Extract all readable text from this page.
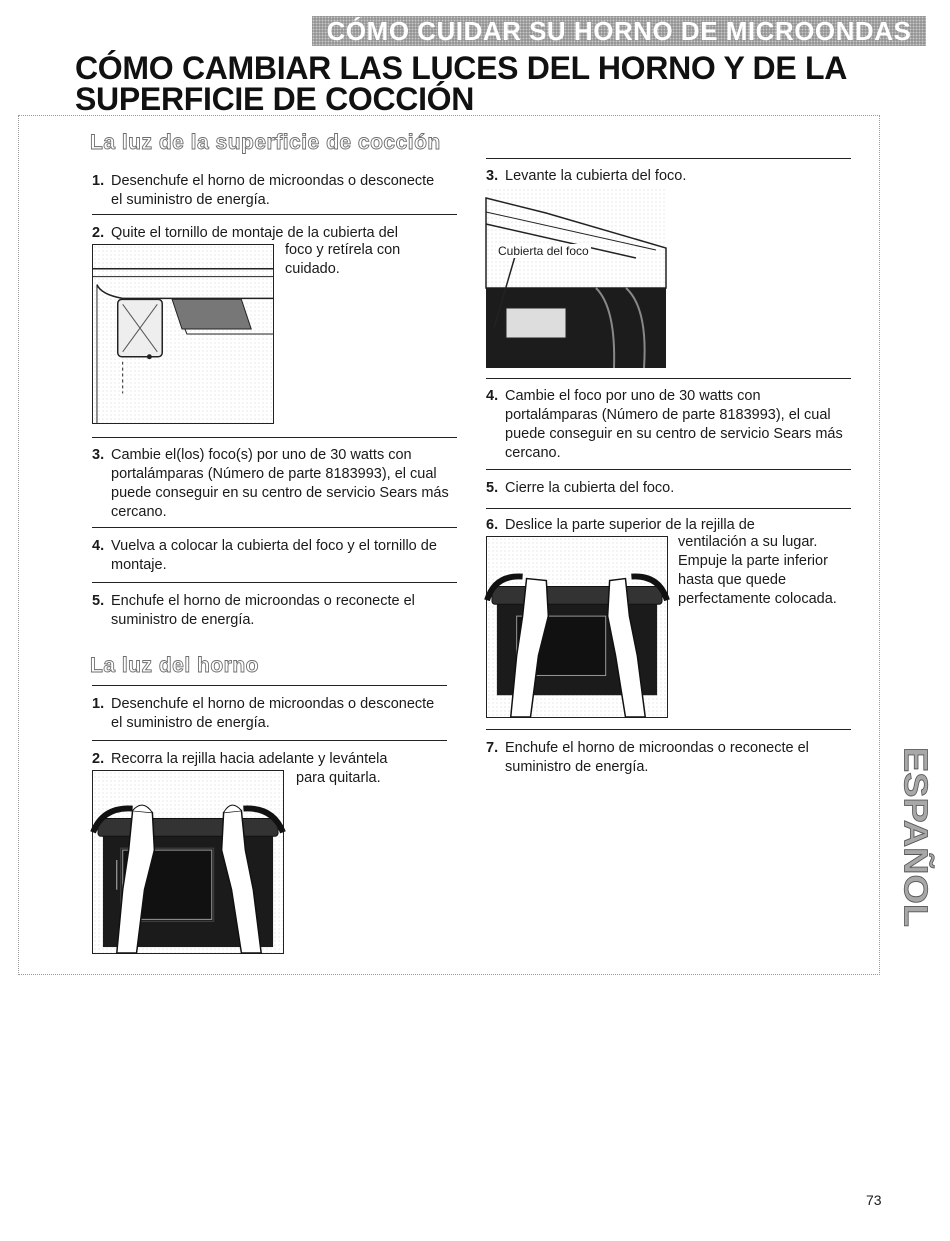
CÓMO CUIDAR SU HORNO DE MICROONDAS
CÓMO CAMBIAR LAS LUCES DEL HORNO Y DE LA
SUPERFICIE DE COCCIÓN
La luz de la superficie de cocción
1. Desenchufe el horno de microondas o desconecte el suministro de energía.
2. Quite el tornillo de montaje de la cubierta del
foco y retírela con cuidado.
3. Cambie el(los) foco(s) por uno de 30 watts con portalámparas (Número de parte 8183993), el cual puede conseguir en su centro de servicio Sears más cercano.
4. Vuelva a colocar la cubierta del foco y el tornillo de montaje.
5. Enchufe el horno de microondas o reconecte el suministro de energía.
La luz del horno
1. Desenchufe el horno de microondas o desconecte el suministro de energía.
2. Recorra la rejilla hacia adelante y levántela
para quitarla.
3. Levante la cubierta del foco.
Cubierta del foco
4. Cambie el foco por uno de 30 watts con portalámparas (Número de parte 8183993), el cual puede conseguir en su centro de servicio Sears más cercano.
5. Cierre la cubierta del foco.
6. Deslice la parte superior de la rejilla de
ventilación a su lugar. Empuje la parte inferior hasta que quede perfectamente colocada.
7. Enchufe el horno de microondas o reconecte el suministro de energía.	ESPAÑOL
73
